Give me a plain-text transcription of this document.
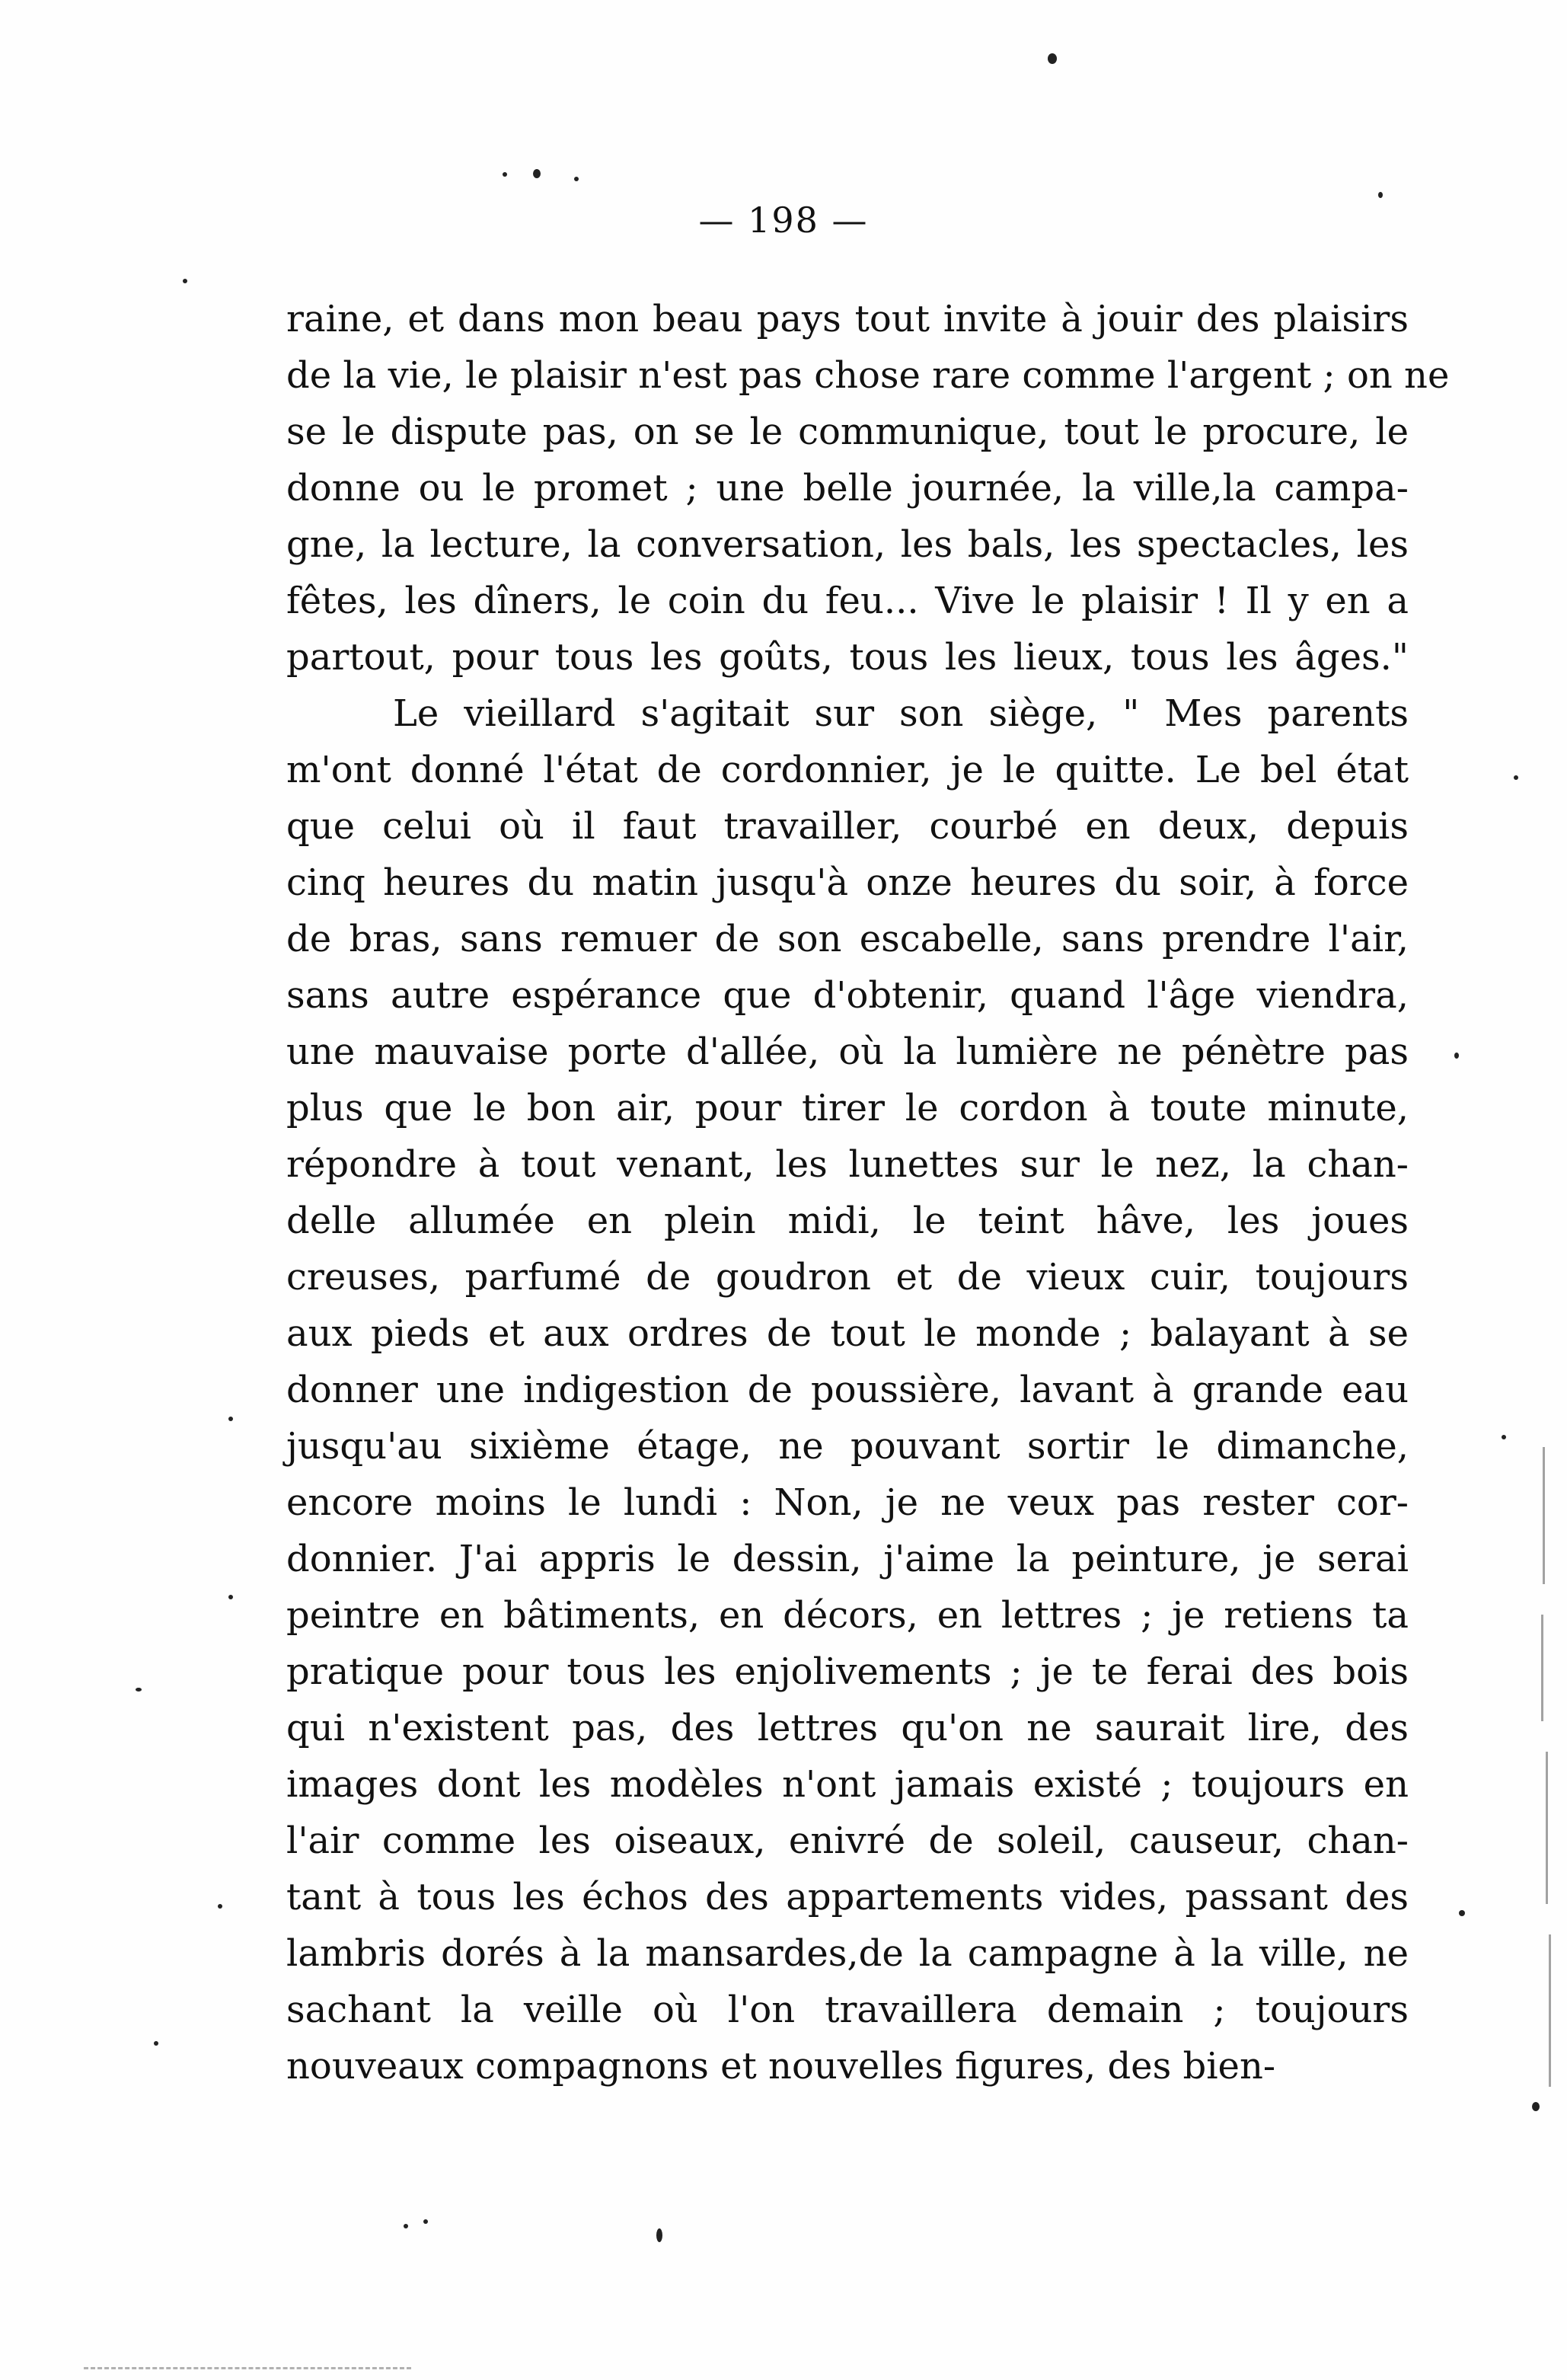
— 198 —
raine, et dans mon beau pays tout invite à jouir des plaisirs
de la vie, le plaisir n'est pas chose rare comme l'argent ; on ne
se le dispute pas, on se le communique, tout le procure, le
donne ou le promet ; une belle journée, la ville,la campa-
gne, la lecture, la conversation, les bals, les spectacles, les
fêtes, les dîners, le coin du feu... Vive le plaisir ! Il y en a
partout, pour tous les goûts, tous les lieux, tous les âges."
Le vieillard s'agitait sur son siège, " Mes parents
m'ont donné l'état de cordonnier, je le quitte. Le bel état
que celui où il faut travailler, courbé en deux, depuis
cinq heures du matin jusqu'à onze heures du soir, à force
de bras, sans remuer de son escabelle, sans prendre l'air,
sans autre espérance que d'obtenir, quand l'âge viendra,
une mauvaise porte d'allée, où la lumière ne pénètre pas
plus que le bon air, pour tirer le cordon à toute minute,
répondre à tout venant, les lunettes sur le nez, la chan-
delle allumée en plein midi, le teint hâve, les joues
creuses, parfumé de goudron et de vieux cuir, toujours
aux pieds et aux ordres de tout le monde ; balayant à se
donner une indigestion de poussière, lavant à grande eau
jusqu'au sixième étage, ne pouvant sortir le dimanche,
encore moins le lundi : Non, je ne veux pas rester cor-
donnier. J'ai appris le dessin, j'aime la peinture, je serai
peintre en bâtiments, en décors, en lettres ; je retiens ta
pratique pour tous les enjolivements ; je te ferai des bois
qui n'existent pas, des lettres qu'on ne saurait lire, des
images dont les modèles n'ont jamais existé ; toujours en
l'air comme les oiseaux, enivré de soleil, causeur, chan-
tant à tous les échos des appartements vides, passant des
lambris dorés à la mansardes,de la campagne à la ville, ne
sachant la veille où l'on travaillera demain ; toujours
nouveaux compagnons et nouvelles figures, des bien-
